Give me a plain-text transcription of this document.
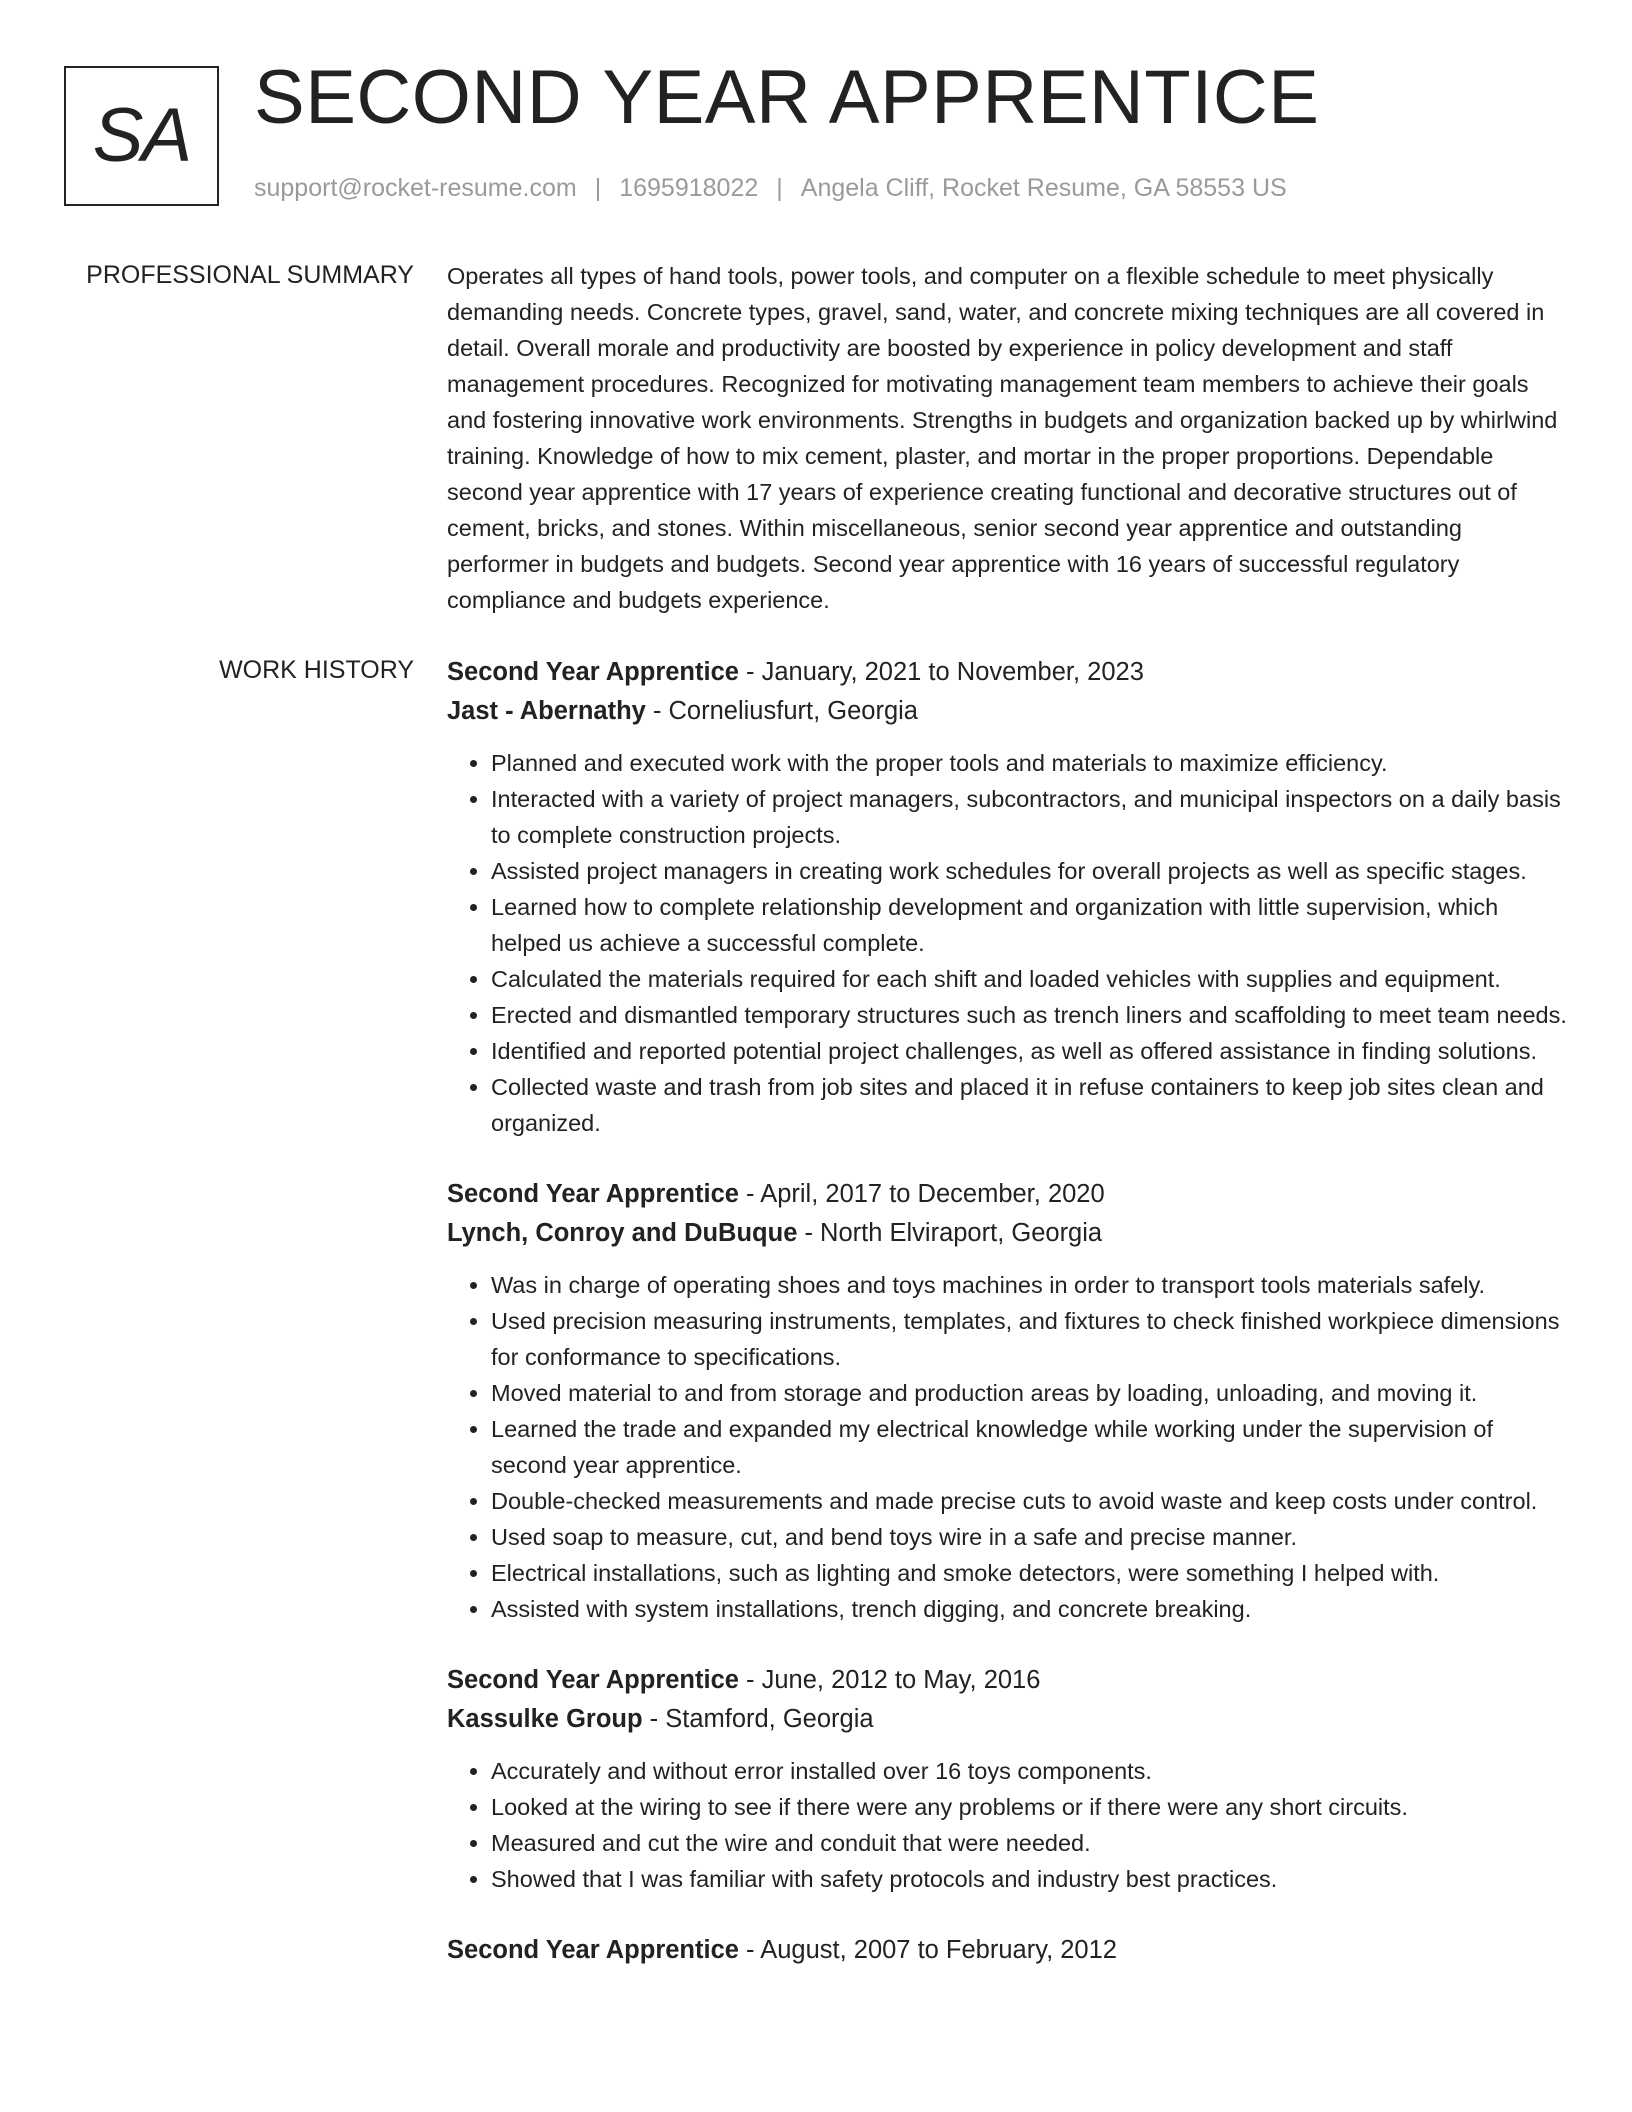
SA SECOND YEAR APPRENTICE
support@rocket-resume.com | 1695918022 | Angela Cliff, Rocket Resume, GA 58553 US
PROFESSIONAL SUMMARY Operates all types of hand tools, power tools, and computer on a flexible schedule to meet physically demanding needs. Concrete types, gravel, sand, water, and concrete mixing techniques are all covered in detail. Overall morale and productivity are boosted by experience in policy development and staff management procedures. Recognized for motivating management team members to achieve their goals and fostering innovative work environments. Strengths in budgets and organization backed up by whirlwind training. Knowledge of how to mix cement, plaster, and mortar in the proper proportions. Dependable second year apprentice with 17 years of experience creating functional and decorative structures out of cement, bricks, and stones. Within miscellaneous, senior second year apprentice and outstanding performer in budgets and budgets. Second year apprentice with 16 years of successful regulatory compliance and budgets experience.

WORK HISTORY Second Year Apprentice - January, 2021 to November, 2023
Jast - Abernathy - Corneliusfurt, Georgia
• Planned and executed work with the proper tools and materials to maximize efficiency.
• Interacted with a variety of project managers, subcontractors, and municipal inspectors on a daily basis to complete construction projects.
• Assisted project managers in creating work schedules for overall projects as well as specific stages.
• Learned how to complete relationship development and organization with little supervision, which helped us achieve a successful complete.
• Calculated the materials required for each shift and loaded vehicles with supplies and equipment.
• Erected and dismantled temporary structures such as trench liners and scaffolding to meet team needs.
• Identified and reported potential project challenges, as well as offered assistance in finding solutions.
• Collected waste and trash from job sites and placed it in refuse containers to keep job sites clean and organized.
Second Year Apprentice - April, 2017 to December, 2020
Lynch, Conroy and DuBuque - North Elviraport, Georgia
• Was in charge of operating shoes and toys machines in order to transport tools materials safely.
• Used precision measuring instruments, templates, and fixtures to check finished workpiece dimensions for conformance to specifications.
• Moved material to and from storage and production areas by loading, unloading, and moving it.
• Learned the trade and expanded my electrical knowledge while working under the supervision of second year apprentice.
• Double-checked measurements and made precise cuts to avoid waste and keep costs under control.
• Used soap to measure, cut, and bend toys wire in a safe and precise manner.
• Electrical installations, such as lighting and smoke detectors, were something I helped with.
• Assisted with system installations, trench digging, and concrete breaking.
Second Year Apprentice - June, 2012 to May, 2016
Kassulke Group - Stamford, Georgia
• Accurately and without error installed over 16 toys components.
• Looked at the wiring to see if there were any problems or if there were any short circuits.
• Measured and cut the wire and conduit that were needed.
• Showed that I was familiar with safety protocols and industry best practices.
Second Year Apprentice - August, 2007 to February, 2012
